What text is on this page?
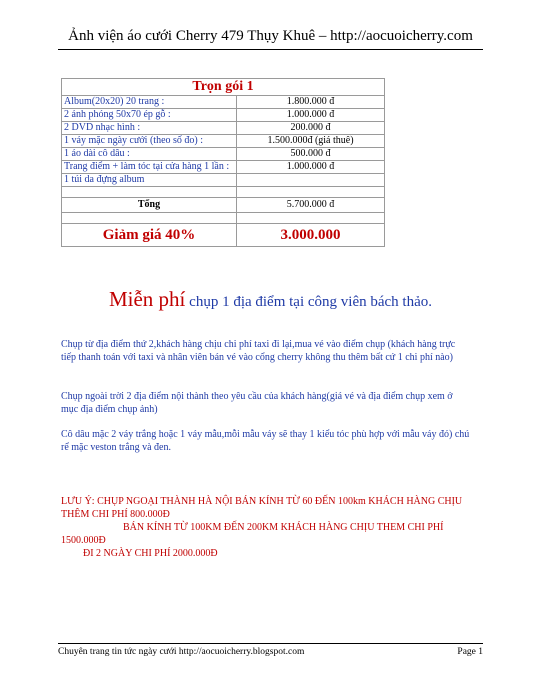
Ảnh viện áo cưới Cherry 479 Thụy Khuê – http://aocuoicherry.com
Trọn gói 1	
Album(20x20) 20 trang :	1.800.000 đ
2 ảnh phóng 50x70 ép gỗ :	1.000.000 đ
2 DVD nhạc hình :	200.000 đ
1 váy mặc ngày cưới (theo số đo) :	1.500.000đ (giá thuê)
1 áo dài cô dâu :	500.000 đ
Trang điểm + làm tóc tại cửa hàng 1 lần :	1.000.000 đ
1 túi da đựng album	

Tổng	5.700.000 đ

Giảm giá 40%	3.000.000
Miễn phí chụp 1 địa điểm tại công viên bách thảo.
Chụp từ địa điểm thứ 2,khách hàng chịu chi phí taxi đi lại,mua vé vào điểm chụp (khách hàng trực tiếp thanh toán với taxi và nhân viên bán vé vào cổng cherry không thu thêm bất cứ 1 chi phí nào)
Chụp ngoài trời 2 địa điểm nội thành theo yêu cầu của khách hàng(giá vé và địa điểm chụp xem ở mục địa điểm chụp ảnh)
Cô dâu mặc 2 váy trắng hoặc 1 váy mẫu,mỗi mẫu váy sẽ thay 1 kiểu tóc phù hợp với mẫu váy đó) chú rể mặc veston trắng và đen.
LƯU Ý: CHỤP NGOẠI THÀNH HÀ NỘI BÁN KÍNH TỪ 60 ĐẾN 100km KHÁCH HÀNG CHỊU THÊM CHI PHÍ 800.000Đ
BÁN KÍNH TỪ 100KM ĐẾN 200KM KHÁCH HÀNG CHỊU THEM CHI PHÍ 1500.000Đ
ĐI 2 NGÀY CHI PHÍ 2000.000Đ
Chuyên trang tin tức ngày cưới http://aocuoicherry.blogspot.com	Page 1
